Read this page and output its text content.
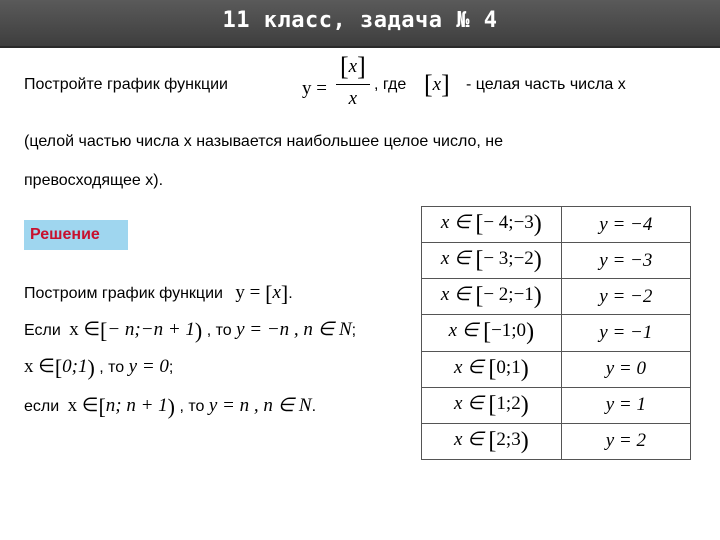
11 класс, задача № 4
Постройте график функции	$y = \frac{[x]}{x}$ , где [x] - целая часть числа x
(целой частью числа x называется наибольшее целое число, не
превосходящее x).
Решение
Построим график функции y = [x].
Если x ∈[− n;−n + 1) , то y = −n , n ∈ N;
x ∈[0;1) , то y = 0;
если x ∈[n; n + 1) , то y = n , n ∈ N.
x ∈ [− 4;−3)	y = −4
x ∈ [− 3;−2)	y = −3
x ∈ [− 2;−1)	y = −2
x ∈ [−1;0)	y = −1
x ∈ [0;1)	y = 0
x ∈ [1;2)	y = 1
x ∈ [2;3)	y = 2
